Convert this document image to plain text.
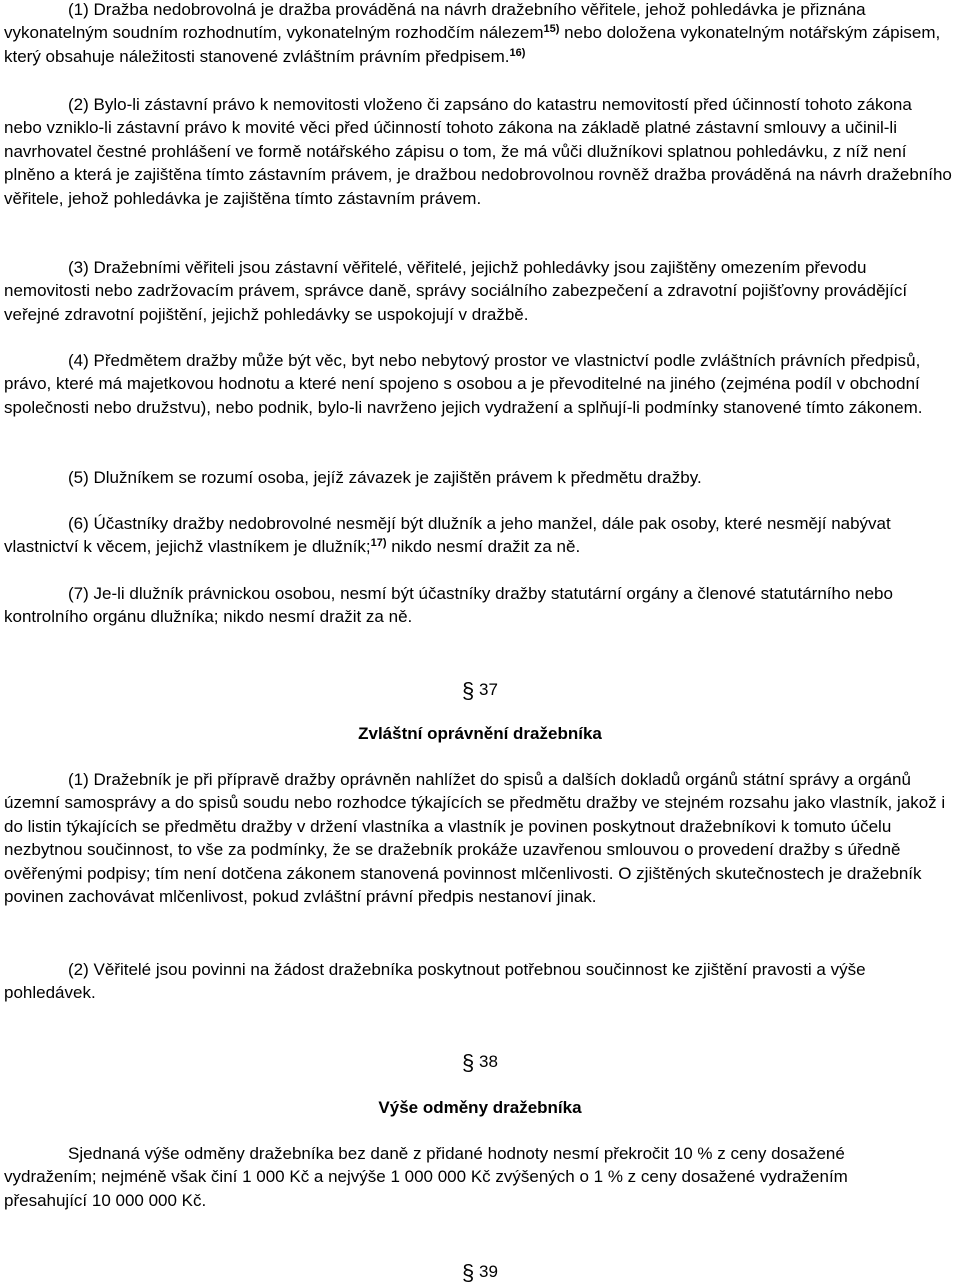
(1) Dražba nedobrovolná je dražba prováděná na návrh dražebního věřitele, jehož pohledávka je přiznána vykonatelným soudním rozhodnutím, vykonatelným rozhodčím nálezem$^{15)}$ nebo doložena vykonatelným notářským zápisem, který obsahuje náležitosti stanovené zvláštním právním předpisem.$^{16)}$

(2) Bylo-li zástavní právo k nemovitosti vloženo či zapsáno do katastru nemovitostí před účinností tohoto zákona nebo vzniklo-li zástavní právo k movité věci před účinností tohoto zákona na základě platné zástavní smlouvy a učinil-li navrhovatel čestné prohlášení ve formě notářského zápisu o tom, že má vůči dlužníkovi splatnou pohledávku, z níž není plněno a která je zajištěna tímto zástavním právem, je dražbou nedobrovolnou rovněž dražba prováděná na návrh dražebního věřitele, jehož pohledávka je zajištěna tímto zástavním právem.

(3) Dražebními věřiteli jsou zástavní věřitelé, věřitelé, jejichž pohledávky jsou zajištěny omezením převodu nemovitosti nebo zadržovacím právem, správce daně, správy sociálního zabezpečení a zdravotní pojišťovny provádějící veřejné zdravotní pojištění, jejichž pohledávky se uspokojují v dražbě.

(4) Předmětem dražby může být věc, byt nebo nebytový prostor ve vlastnictví podle zvláštních právních předpisů, právo, které má majetkovou hodnotu a které není spojeno s osobou a je převoditelné na jiného (zejména podíl v obchodní společnosti nebo družstvu), nebo podnik, bylo-li navrženo jejich vydražení a splňují-li podmínky stanovené tímto zákonem.

(5) Dlužníkem se rozumí osoba, jejíž závazek je zajištěn právem k předmětu dražby.

(6) Účastníky dražby nedobrovolné nesmějí být dlužník a jeho manžel, dále pak osoby, které nesmějí nabývat vlastnictví k věcem, jejichž vlastníkem je dlužník;$^{17)}$ nikdo nesmí dražit za ně.

(7) Je-li dlužník právnickou osobou, nesmí být účastníky dražby statutární orgány a členové statutárního nebo kontrolního orgánu dlužníka; nikdo nesmí dražit za ně.

§ 37

Zvláštní oprávnění dražebníka

(1) Dražebník je při přípravě dražby oprávněn nahlížet do spisů a dalších dokladů orgánů státní správy a orgánů územní samosprávy a do spisů soudu nebo rozhodce týkajících se předmětu dražby ve stejném rozsahu jako vlastník, jakož i do listin týkajících se předmětu dražby v držení vlastníka a vlastník je povinen poskytnout dražebníkovi k tomuto účelu nezbytnou součinnost, to vše za podmínky, že se dražebník prokáže uzavřenou smlouvou o provedení dražby s úředně ověřenými podpisy; tím není dotčena zákonem stanovená povinnost mlčenlivosti. O zjištěných skutečnostech je dražebník povinen zachovávat mlčenlivost, pokud zvláštní právní předpis nestanoví jinak.

(2) Věřitelé jsou povinni na žádost dražebníka poskytnout potřebnou součinnost ke zjištění pravosti a výše pohledávek.

§ 38

Výše odměny dražebníka

Sjednaná výše odměny dražebníka bez daně z přidané hodnoty nesmí překročit 10 % z ceny dosažené vydražením; nejméně však činí 1 000 Kč a nejvýše 1 000 000 Kč zvýšených o 1 % z ceny dosažené vydražením přesahující 10 000 000 Kč.

§ 39
